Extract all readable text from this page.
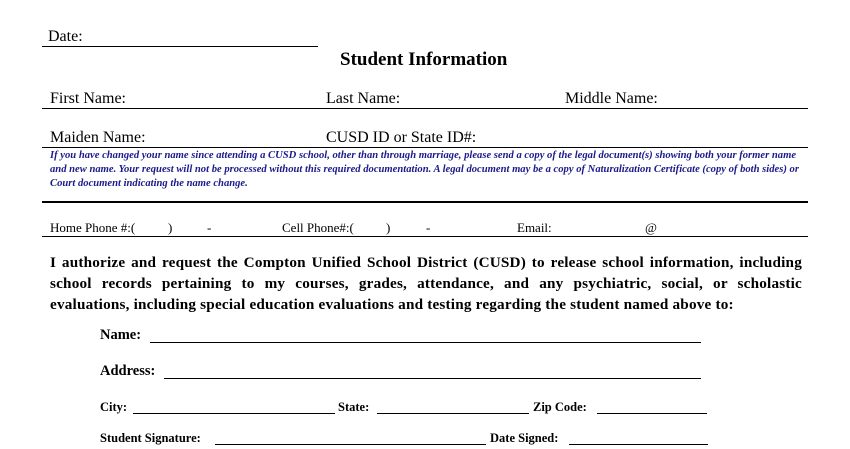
Date:
Student Information
First Name:	Last Name:	Middle Name:
Maiden Name:	CUSD ID or State ID#:
If you have changed your name since attending a CUSD school, other than through marriage, please send a copy of the legal document(s) showing both your former name and new name. Your request will not be processed without this required documentation. A legal document may be a copy of Naturalization Certificate (copy of both sides) or Court document indicating the name change.
Home Phone #:(	)	-	Cell Phone#:( )	-	Email:	@
I authorize and request the Compton Unified School District (CUSD) to release school information, including school records pertaining to my courses, grades, attendance, and any psychiatric, social, or scholastic evaluations, including special education evaluations and testing regarding the student named above to:
Name:
Address:
City:	State:	Zip Code:
Student Signature:	Date Signed:
